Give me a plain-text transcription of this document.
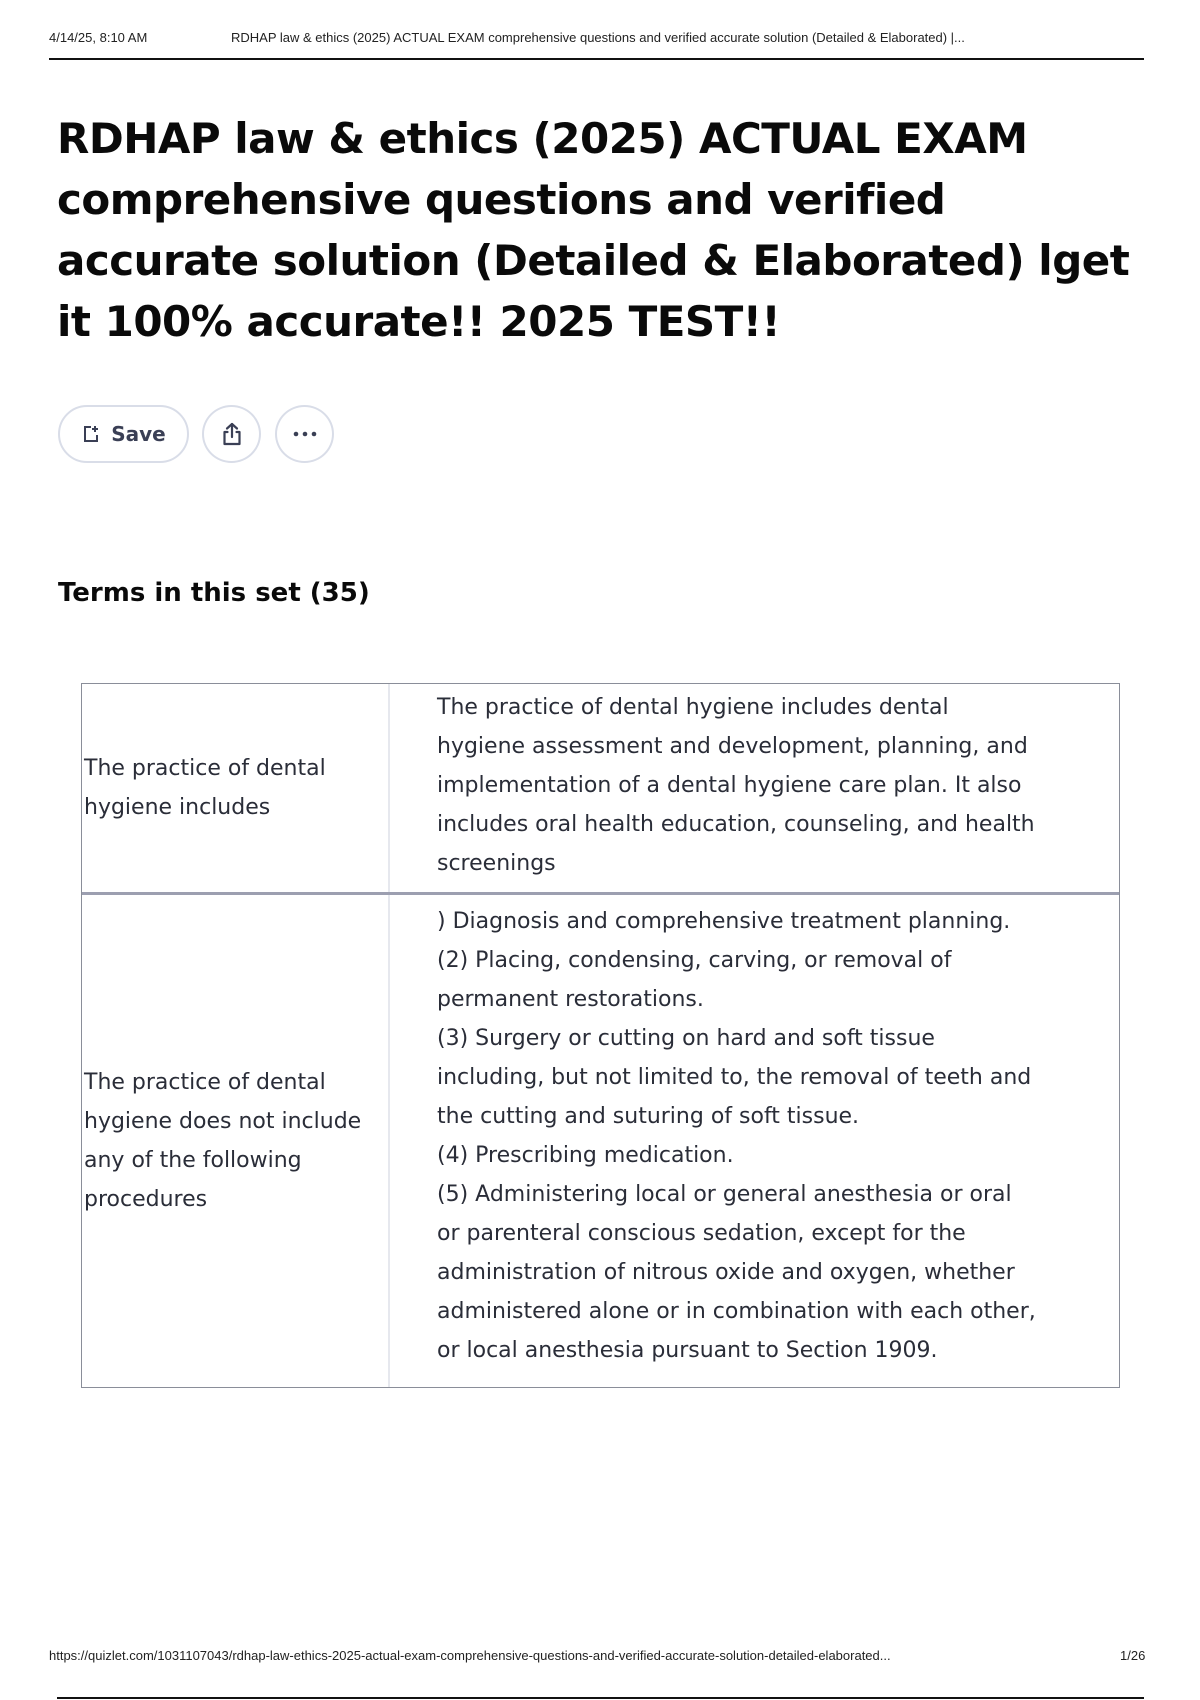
4/14/25, 8:10 AM	RDHAP law & ethics (2025) ACTUAL EXAM comprehensive questions and verified accurate solution (Detailed & Elaborated) |...
RDHAP law & ethics (2025) ACTUAL EXAM comprehensive questions and verified accurate solution (Detailed & Elaborated) lget it 100% accurate!! 2025 TEST!!
Save
Terms in this set (35)
The practice of dental hygiene includes
The practice of dental hygiene includes dental hygiene assessment and development, planning, and implementation of a dental hygiene care plan. It also includes oral health education, counseling, and health screenings
The practice of dental hygiene does not include any of the following procedures
) Diagnosis and comprehensive treatment planning.
(2) Placing, condensing, carving, or removal of permanent restorations.
(3) Surgery or cutting on hard and soft tissue including, but not limited to, the removal of teeth and the cutting and suturing of soft tissue.
(4) Prescribing medication.
(5) Administering local or general anesthesia or oral or parenteral conscious sedation, except for the administration of nitrous oxide and oxygen, whether administered alone or in combination with each other, or local anesthesia pursuant to Section 1909.
https://quizlet.com/1031107043/rdhap-law-ethics-2025-actual-exam-comprehensive-questions-and-verified-accurate-solution-detailed-elaborated...	1/26
